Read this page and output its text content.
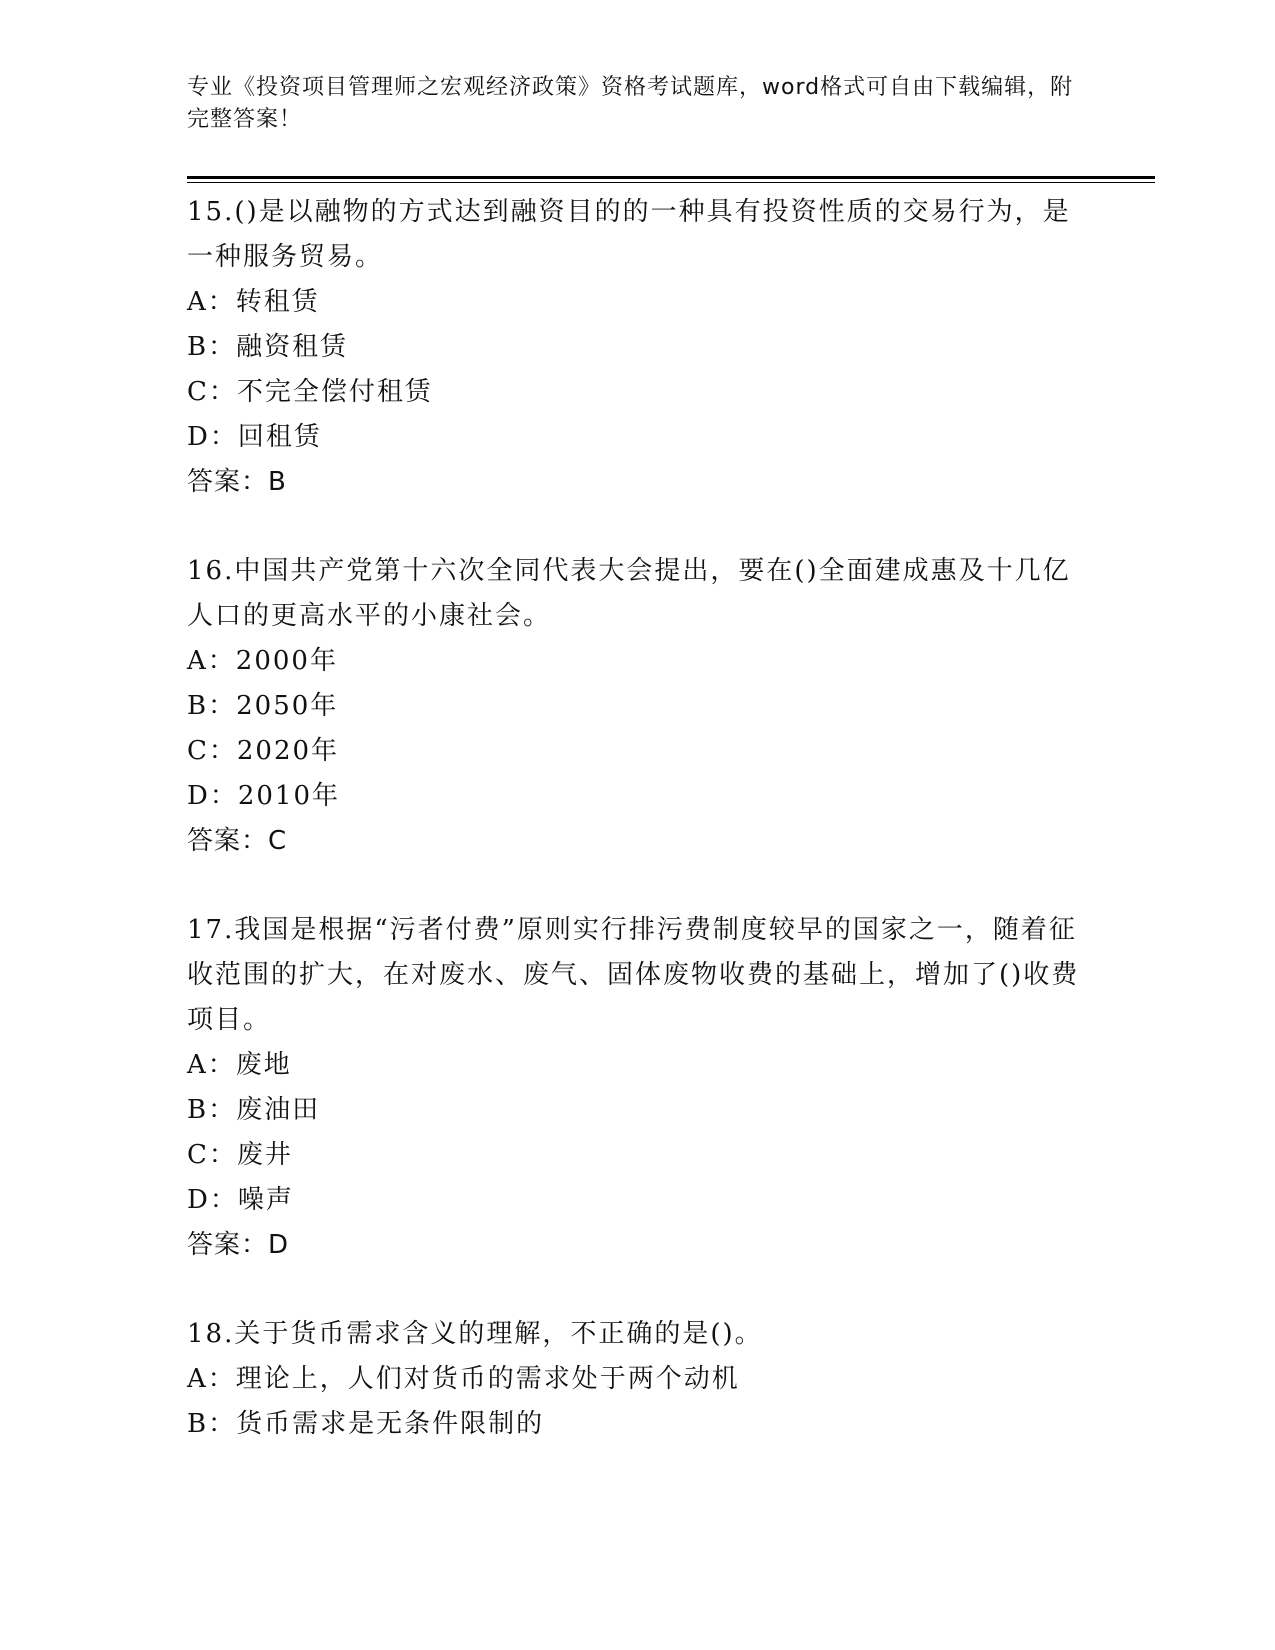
专业《投资项目管理师之宏观经济政策》资格考试题库，word格式可自由下载编辑，附完整答案！

15.()是以融物的方式达到融资目的的一种具有投资性质的交易行为，是一种服务贸易。

A：转租赁

B：融资租赁

C：不完全偿付租赁

D：回租赁

答案：B

16.中国共产党第十六次全同代表大会提出，要在()全面建成惠及十几亿人口的更高水平的小康社会。

A：2000年

B：2050年

C：2020年

D：2010年

答案：C

17.我国是根据“污者付费”原则实行排污费制度较早的国家之一，随着征收范围的扩大，在对废水、废气、固体废物收费的基础上，增加了()收费项目。

A：废地

B：废油田

C：废井

D：噪声

答案：D

18.关于货币需求含义的理解，不正确的是()。

A：理论上，人们对货币的需求处于两个动机

B：货币需求是无条件限制的
